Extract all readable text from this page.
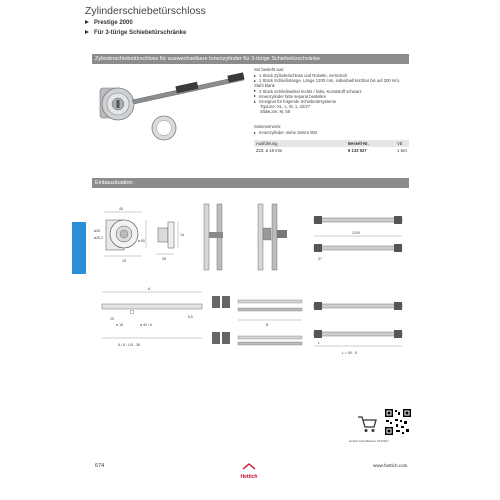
Zylinderschiebetürschloss
Prestige 2000
Für 3-türige Schiebetürschränke
Zylinderschiebetürschloss für auswechselbare Innenzylinder für 3-türige Schiebetürschränke
Set besteht aus:
1 Stück Zylinderschloss und Rosette, vernickelt
1 Stück Schließstange, Länge 1200 mm, individuell kürzbar bis auf 300 mm, Stahl blank
2 Stück Schließwinkel rechts / links, Kunststoff schwarz
Innenzylinder bitte separat bestellen
Geeignet für folgende Schiebetürsysteme
TopLine: XL, L, M, 1, 22/27
SlideLine: M, 56
Seitenverweis:
Innenzylinder, siehe Seiten 802
Ausführung	Bestell-Nr.	VE
Z23, ø 18 mm	9 133 927	1 Set
Einbausituation
45
ø26
ø25,2
ø 80
15
16
28
1200
37
A
25
ø 18	ø 40 / 6
6,5
A / 8 - L/5 - 38
B
L
L = 95 - 8
Hettich-Identifikation 9133927
674
Hettich
www.hettich.com
